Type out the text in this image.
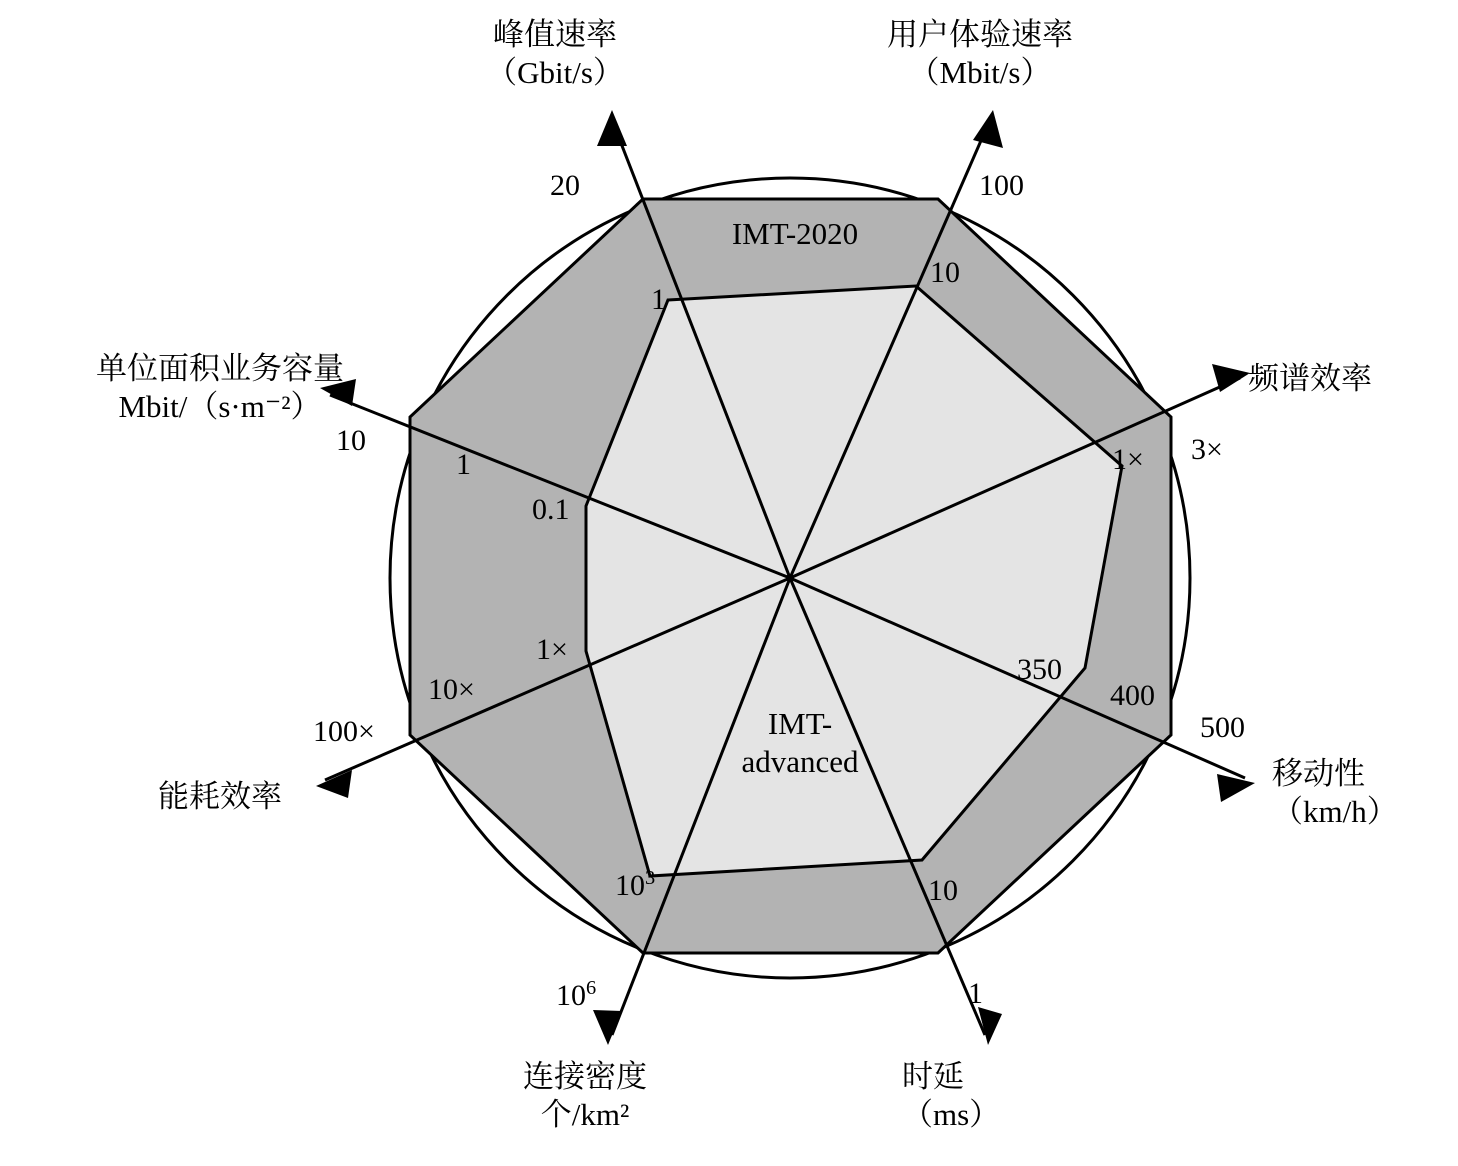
峰值速率
（Gbit/s）
用户体验速率
（Mbit/s）
频谱效率
移动性
（km/h）
时延
（ms）
连接密度
个/km²
能耗效率
单位面积业务容量
Mbit/（s·m⁻²）
20
1
100
10
3×
1×
500
400
350
1
10
$10^6$
$10^3$
100×
10×
1×
10
1
0.1
IMT-2020
IMT-
advanced
